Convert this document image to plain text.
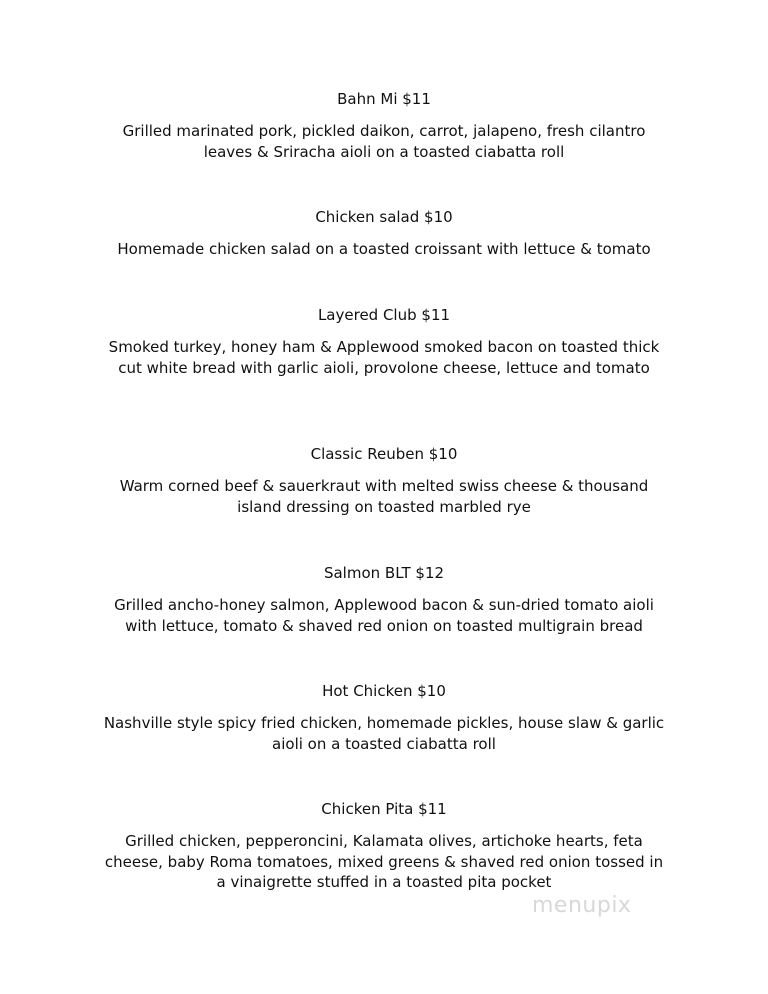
Bahn Mi $11

Grilled marinated pork, pickled daikon, carrot, jalapeno, fresh cilantro leaves & Sriracha aioli on a toasted ciabatta roll

Chicken salad $10

Homemade chicken salad on a toasted croissant with lettuce & tomato

Layered Club $11

Smoked turkey, honey ham & Applewood smoked bacon on toasted thick cut white bread with garlic aioli, provolone cheese, lettuce and tomato

Classic Reuben $10

Warm corned beef & sauerkraut with melted swiss cheese & thousand island dressing on toasted marbled rye

Salmon BLT $12

Grilled ancho-honey salmon, Applewood bacon & sun-dried tomato aioli with lettuce, tomato & shaved red onion on toasted multigrain bread

Hot Chicken $10

Nashville style spicy fried chicken, homemade pickles, house slaw & garlic aioli on a toasted ciabatta roll

Chicken Pita $11

Grilled chicken, pepperoncini, Kalamata olives, artichoke hearts, feta cheese, baby Roma tomatoes, mixed greens & shaved red onion tossed in a vinaigrette stuffed in a toasted pita pocket

menupix
